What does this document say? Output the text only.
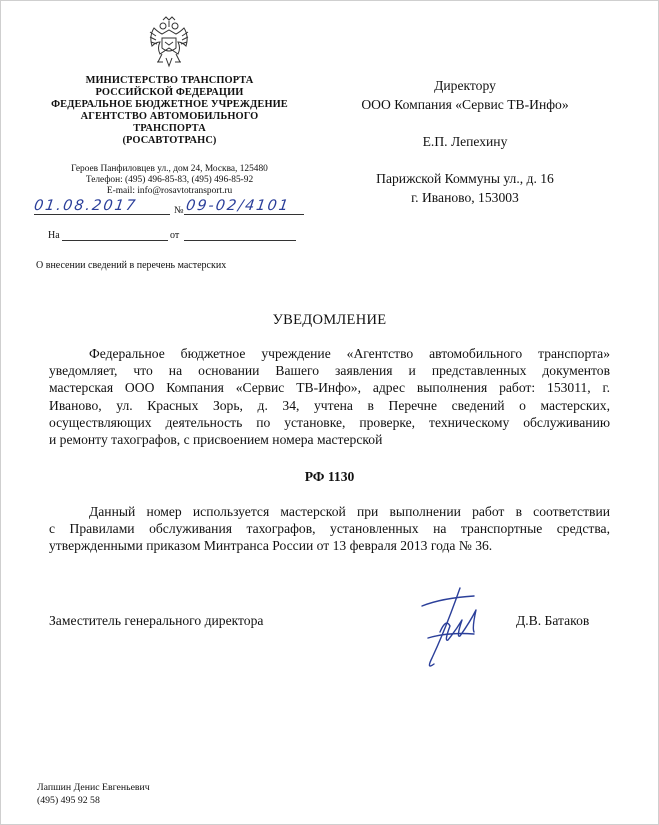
МИНИСТЕРСТВО ТРАНСПОРТА
РОССИЙСКОЙ ФЕДЕРАЦИИ
ФЕДЕРАЛЬНОЕ БЮДЖЕТНОЕ УЧРЕЖДЕНИЕ
АГЕНТСТВО АВТОМОБИЛЬНОГО
ТРАНСПОРТА
(РОСАВТОТРАНС)
Героев Панфиловцев ул., дом 24, Москва, 125480
Телефон: (495) 496-85-83, (495) 496-85-92
E-mail: info@rosavtotransport.ru
01.08.2017	№ 09-02/4101
На	от
О внесении сведений в перечень мастерских
Директору
ООО Компания «Сервис ТВ-Инфо»
Е.П. Лепехину
Парижской Коммуны ул., д. 16
г. Иваново, 153003
УВЕДОМЛЕНИЕ
Федеральное бюджетное учреждение «Агентство автомобильного транспорта»
уведомляет, что на основании Вашего заявления и представленных документов
мастерская ООО Компания «Сервис ТВ-Инфо», адрес выполнения работ: 153011, г.
Иваново, ул. Красных Зорь, д. 34, учтена в Перечне сведений о мастерских,
осуществляющих деятельность по установке, проверке, техническому обслуживанию
и ремонту тахографов, с присвоением номера мастерской
РФ 1130
Данный номер используется мастерской при выполнении работ в соответствии
с Правилами обслуживания тахографов, установленных на транспортные средства,
утвержденными приказом Минтранса России от 13 февраля 2013 года № 36.
Заместитель генерального директора	Д.В. Батаков
Лапшин Денис Евгеньевич
(495) 495 92 58
